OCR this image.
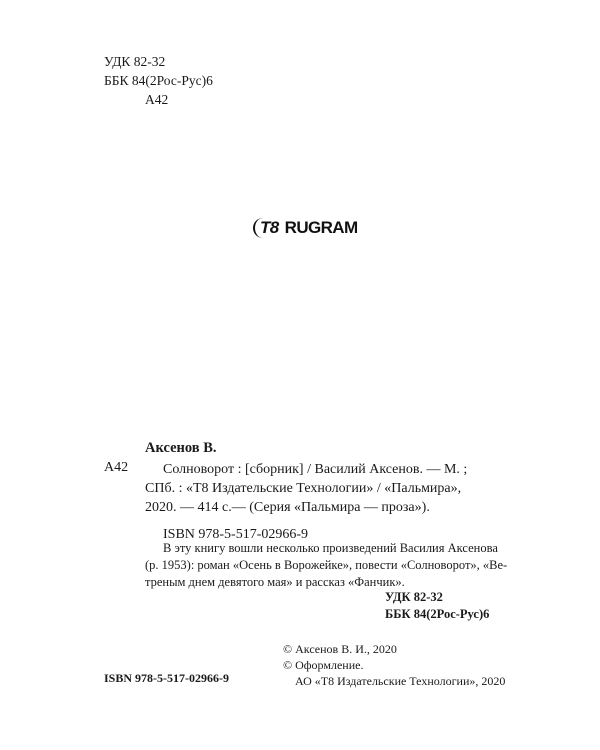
УДК 82-32
ББК 84(2Рос-Рус)6
А42
T8 RUGRAM
Аксенов В.
А42	Солноворот : [сборник] / Василий Аксенов. — М. ;
СПб. : «Т8 Издательские Технологии» / «Пальмира»,
2020. — 414 с.— (Серия «Пальмира — проза»).
ISBN 978-5-517-02966-9
В эту книгу вошли несколько произведений Василия Аксенова
(р. 1953): роман «Осень в Ворожейке», повести «Солноворот», «Ве-
треным днем девятого мая» и рассказ «Фанчик».
УДК 82-32
ББК 84(2Рос-Рус)6
© Аксенов В. И., 2020
© Оформление.
АО «Т8 Издательские Технологии», 2020
ISBN 978-5-517-02966-9
